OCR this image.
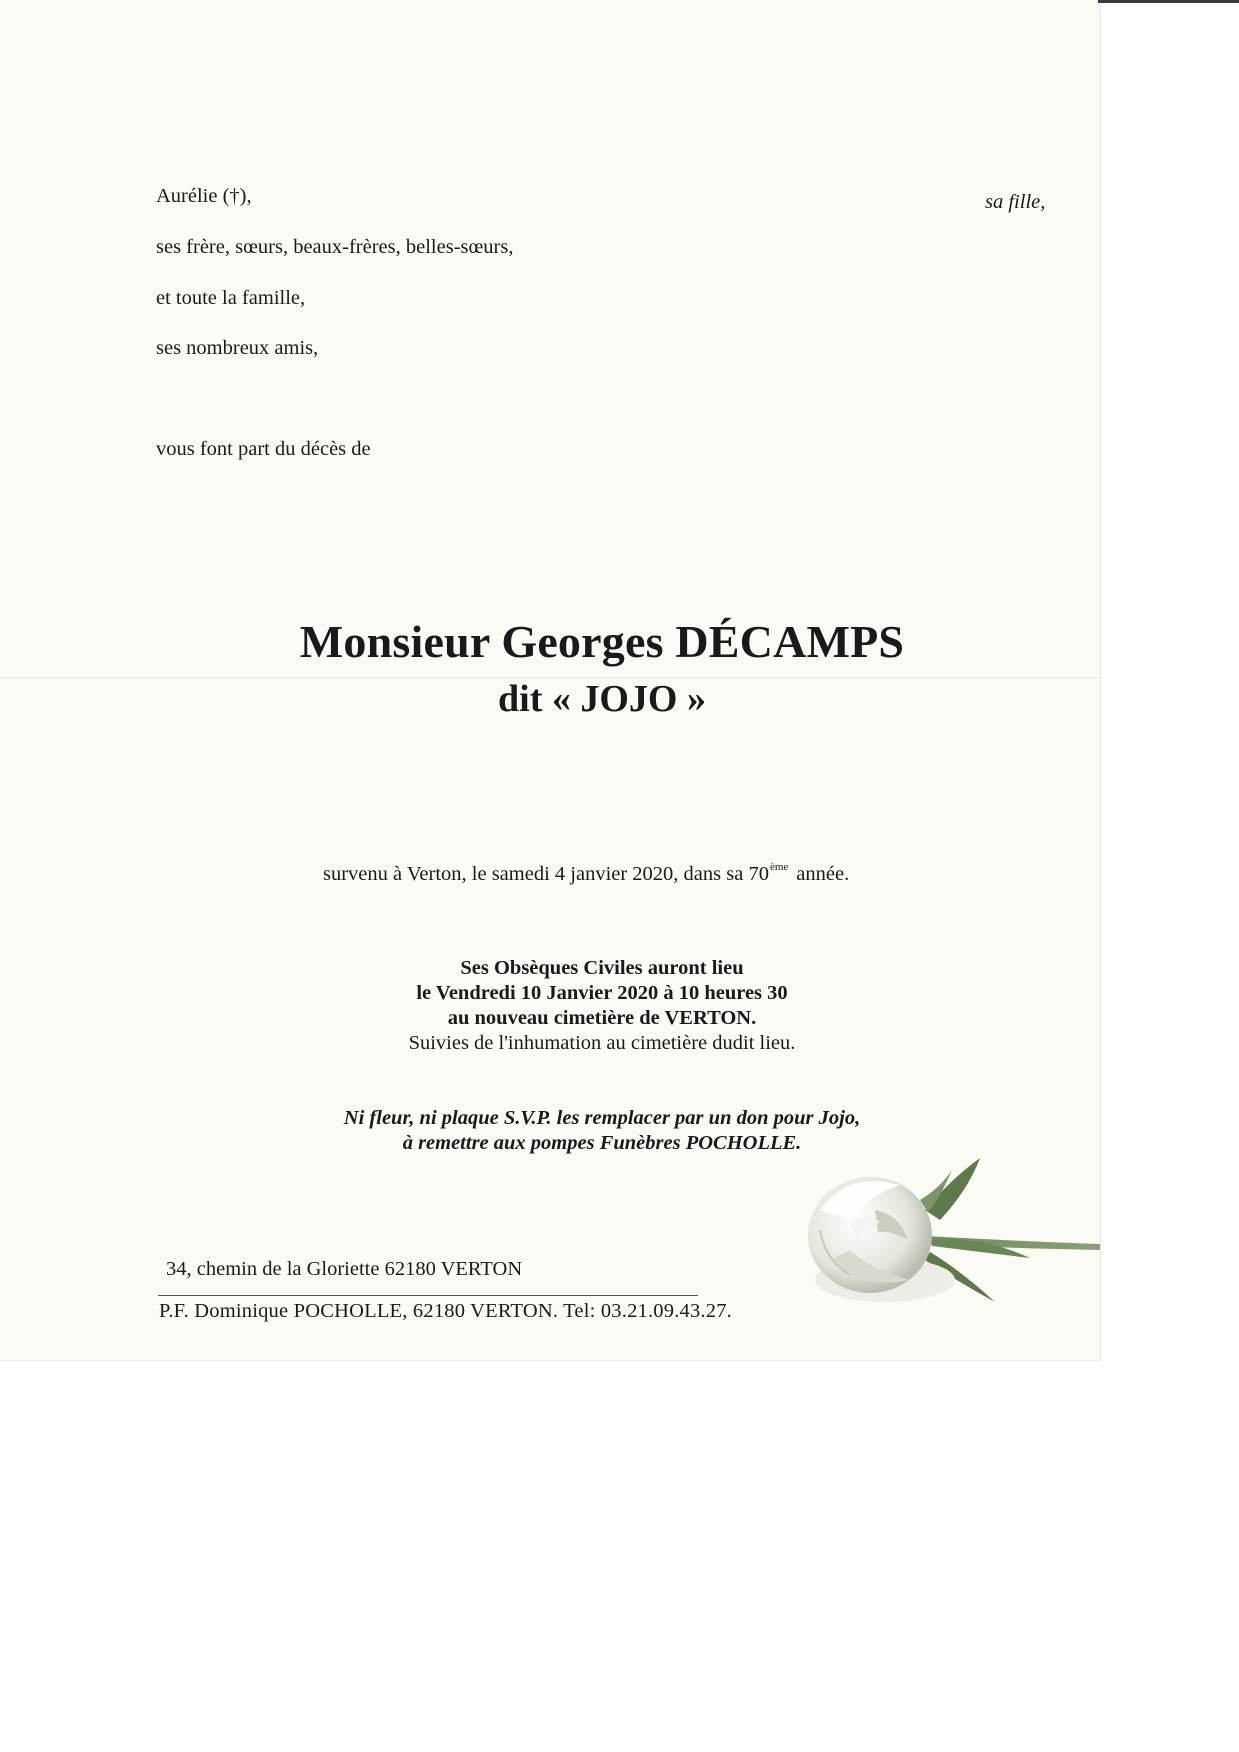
Aurélie (†),
ses frère, sœurs, beaux-frères, belles-sœurs,
et toute la famille,
ses nombreux amis,
sa fille,
vous font part du décès de
Monsieur Georges DÉCAMPS
dit « JOJO »
survenu à Verton, le samedi 4 janvier 2020, dans sa 70ème année.
Ses Obsèques Civiles auront lieu
le Vendredi 10 Janvier 2020 à 10 heures 30
au nouveau cimetière de VERTON.
Suivies de l'inhumation au cimetière dudit lieu.
Ni fleur, ni plaque S.V.P. les remplacer par un don pour Jojo,
à remettre aux pompes Funèbres POCHOLLE.
34, chemin de la Gloriette 62180 VERTON
P.F. Dominique POCHOLLE, 62180 VERTON. Tel: 03.21.09.43.27.
